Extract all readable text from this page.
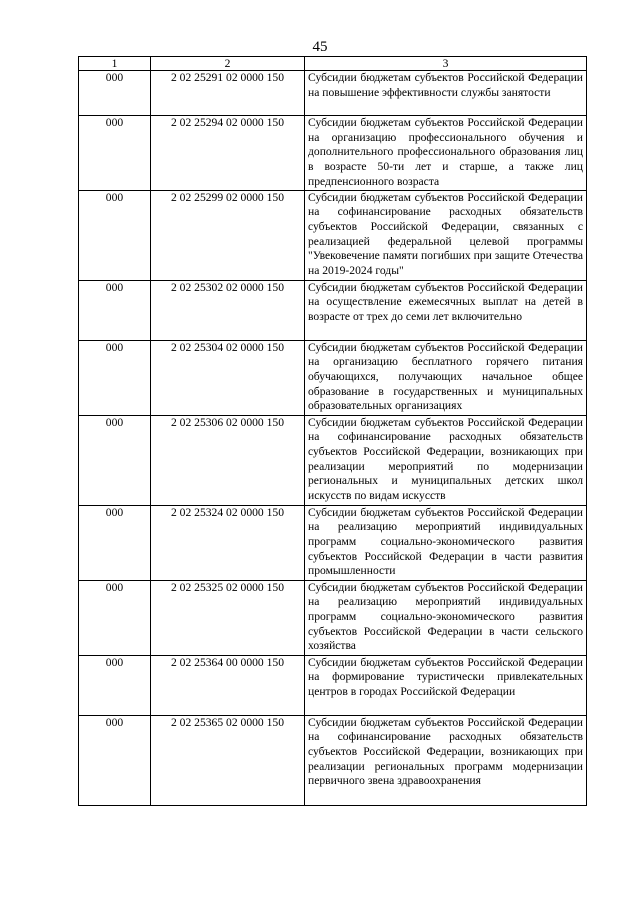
45
1	2	3
000	2 02 25291 02 0000 150	Субсидии бюджетам субъектов Российской Федерации на повышение эффективности службы занятости
000	2 02 25294 02 0000 150	Субсидии бюджетам субъектов Российской Федерации на организацию профессионального обучения и дополнительного профессионального образования лиц в возрасте 50-ти лет и старше, а также лиц предпенсионного возраста
000	2 02 25299 02 0000 150	Субсидии бюджетам субъектов Российской Федерации на софинансирование расходных обязательств субъектов Российской Федерации, связанных с реализацией федеральной целевой программы "Увековечение памяти погибших при защите Отечества на 2019-2024 годы"
000	2 02 25302 02 0000 150	Субсидии бюджетам субъектов Российской Федерации на осуществление ежемесячных выплат на детей в возрасте от трех до семи лет включительно
000	2 02 25304 02 0000 150	Субсидии бюджетам субъектов Российской Федерации на организацию бесплатного горячего питания обучающихся, получающих начальное общее образование в государственных и муниципальных образовательных организациях
000	2 02 25306 02 0000 150	Субсидии бюджетам субъектов Российской Федерации на софинансирование расходных обязательств субъектов Российской Федерации, возникающих при реализации мероприятий по модернизации региональных и муниципальных детских школ искусств по видам искусств
000	2 02 25324 02 0000 150	Субсидии бюджетам субъектов Российской Федерации на реализацию мероприятий индивидуальных программ социально-экономического развития субъектов Российской Федерации в части развития промышленности
000	2 02 25325 02 0000 150	Субсидии бюджетам субъектов Российской Федерации на реализацию мероприятий индивидуальных программ социально-экономического развития субъектов Российской Федерации в части сельского хозяйства
000	2 02 25364 00 0000 150	Субсидии бюджетам субъектов Российской Федерации на формирование туристически привлекательных центров в городах Российской Федерации
000	2 02 25365 02 0000 150	Субсидии бюджетам субъектов Российской Федерации на софинансирование расходных обязательств субъектов Российской Федерации, возникающих при реализации региональных программ модернизации первичного звена здравоохранения
